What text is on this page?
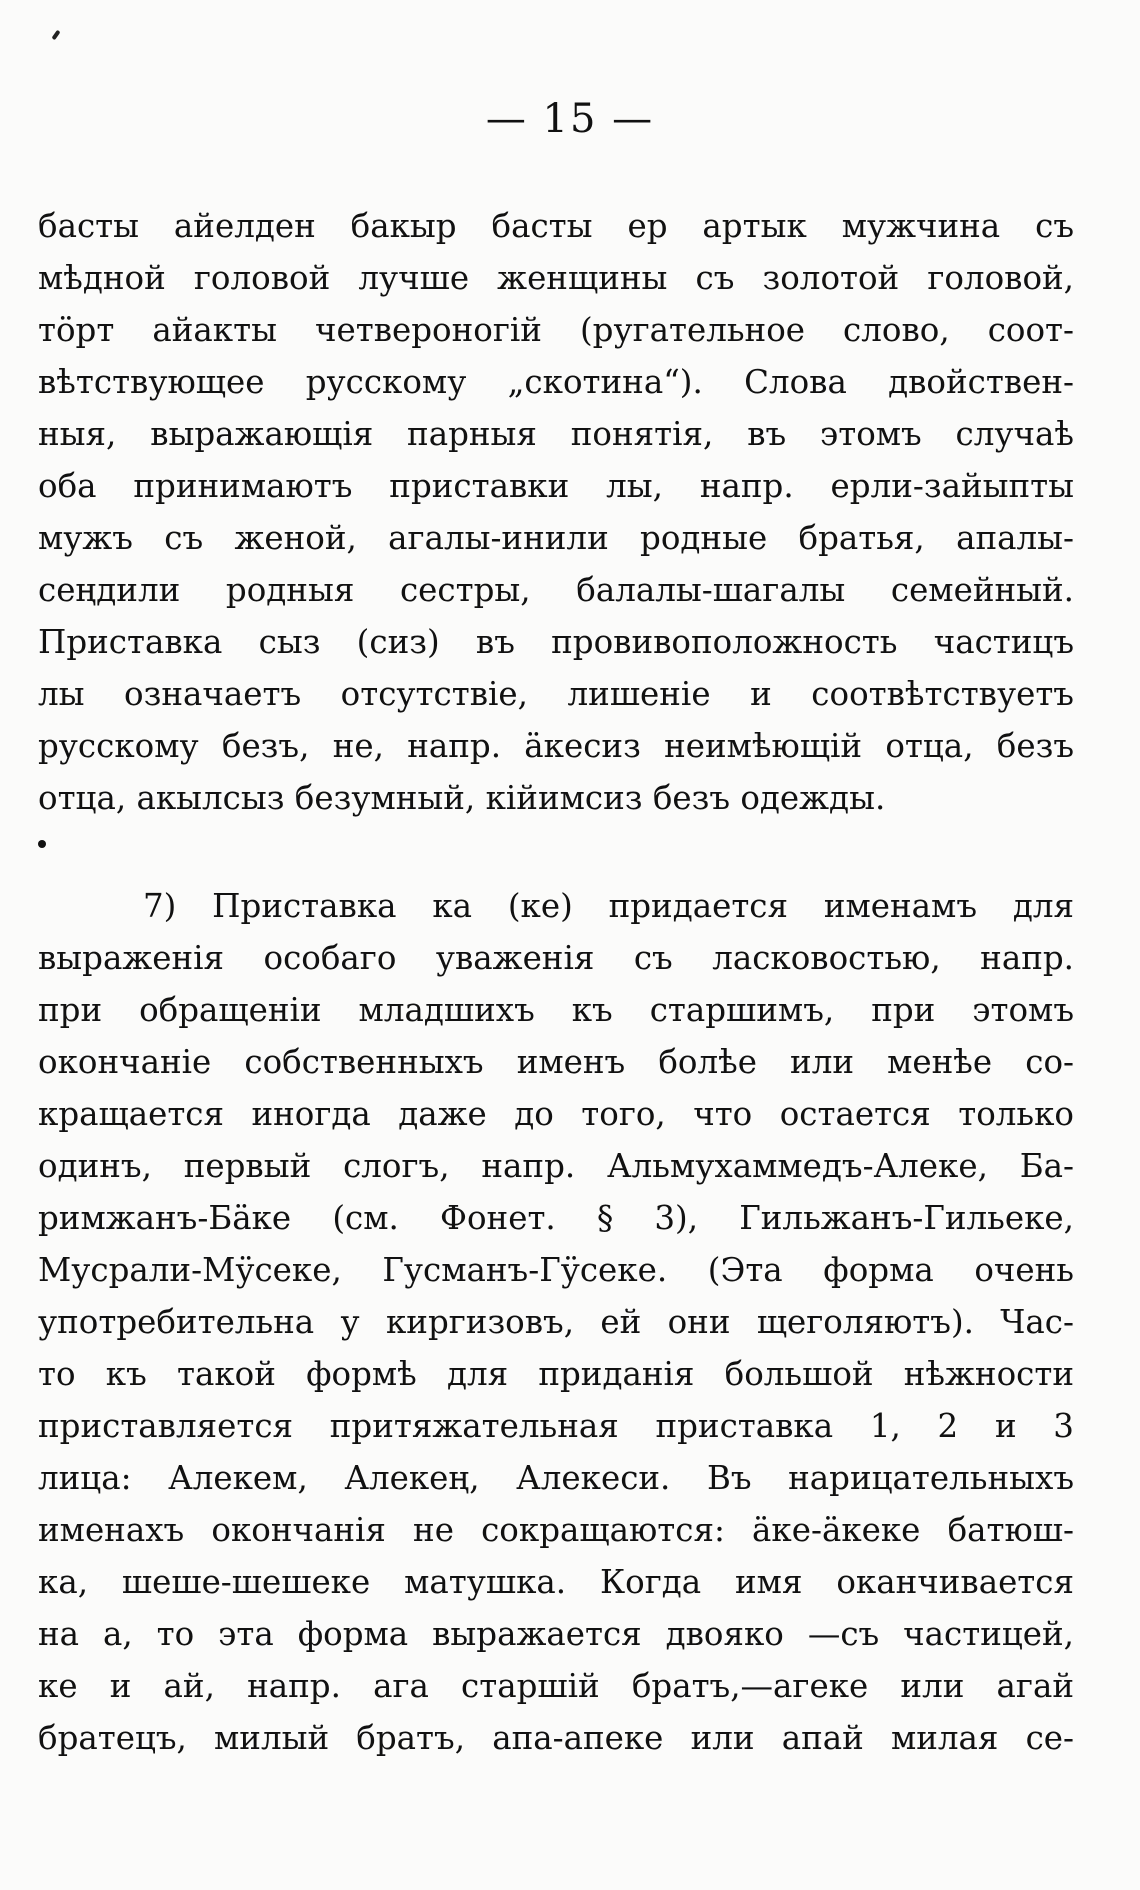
— 15 —
басты айелден бакыр басты ер артык мужчина съ
мѣдной головой лучше женщины съ золотой головой,
тӧрт айакты четвероногій (ругательное слово, соот-
вѣтствующее русскому „скотина“). Слова двойствен-
ныя, выражающія парныя понятія, въ этомъ случаѣ
оба принимаютъ приставки лы, напр. ерли-зайыпты
мужъ съ женой, агалы-инили родные братья, апалы-
сеңдили родныя сестры, балалы-шагалы семейный.
Приставка сыз (сиз) въ провивоположность частицъ
лы означаетъ отсутствіе, лишеніе и соотвѣтствуетъ
русскому безъ, не, напр. ӓкесиз неимѣющій отца, безъ
отца, акылсыз безумный, кійимсиз безъ одежды.
7) Приставка ка (ке) придается именамъ для
выраженія особаго уваженія съ ласковостью, напр.
при обращеніи младшихъ къ старшимъ, при этомъ
окончаніе собственныхъ именъ болѣе или менѣе со-
кращается иногда даже до того, что остается только
одинъ, первый слогъ, напр. Альмухаммедъ-Алеке, Ба-
римжанъ-Бӓке (см. Фонет. § 3), Гильжанъ-Гильеке,
Мусрали-Мӱсеке, Гусманъ-Гӱсеке. (Эта форма очень
употребительна у киргизовъ, ей они щеголяютъ). Час-
то къ такой формѣ для приданія большой нѣжности
приставляется притяжательная приставка 1, 2 и 3
лица: Алекем, Алекең, Алекеси. Въ нарицательныхъ
именахъ окончанія не сокращаются: ӓке-ӓкеке батюш-
ка, шеше-шешеке матушка. Когда имя оканчивается
на а, то эта форма выражается двояко —съ частицей,
ке и ай, напр. ага старшій братъ,—агеке или агай
братецъ, милый братъ, апа-апеке или апай милая се-
